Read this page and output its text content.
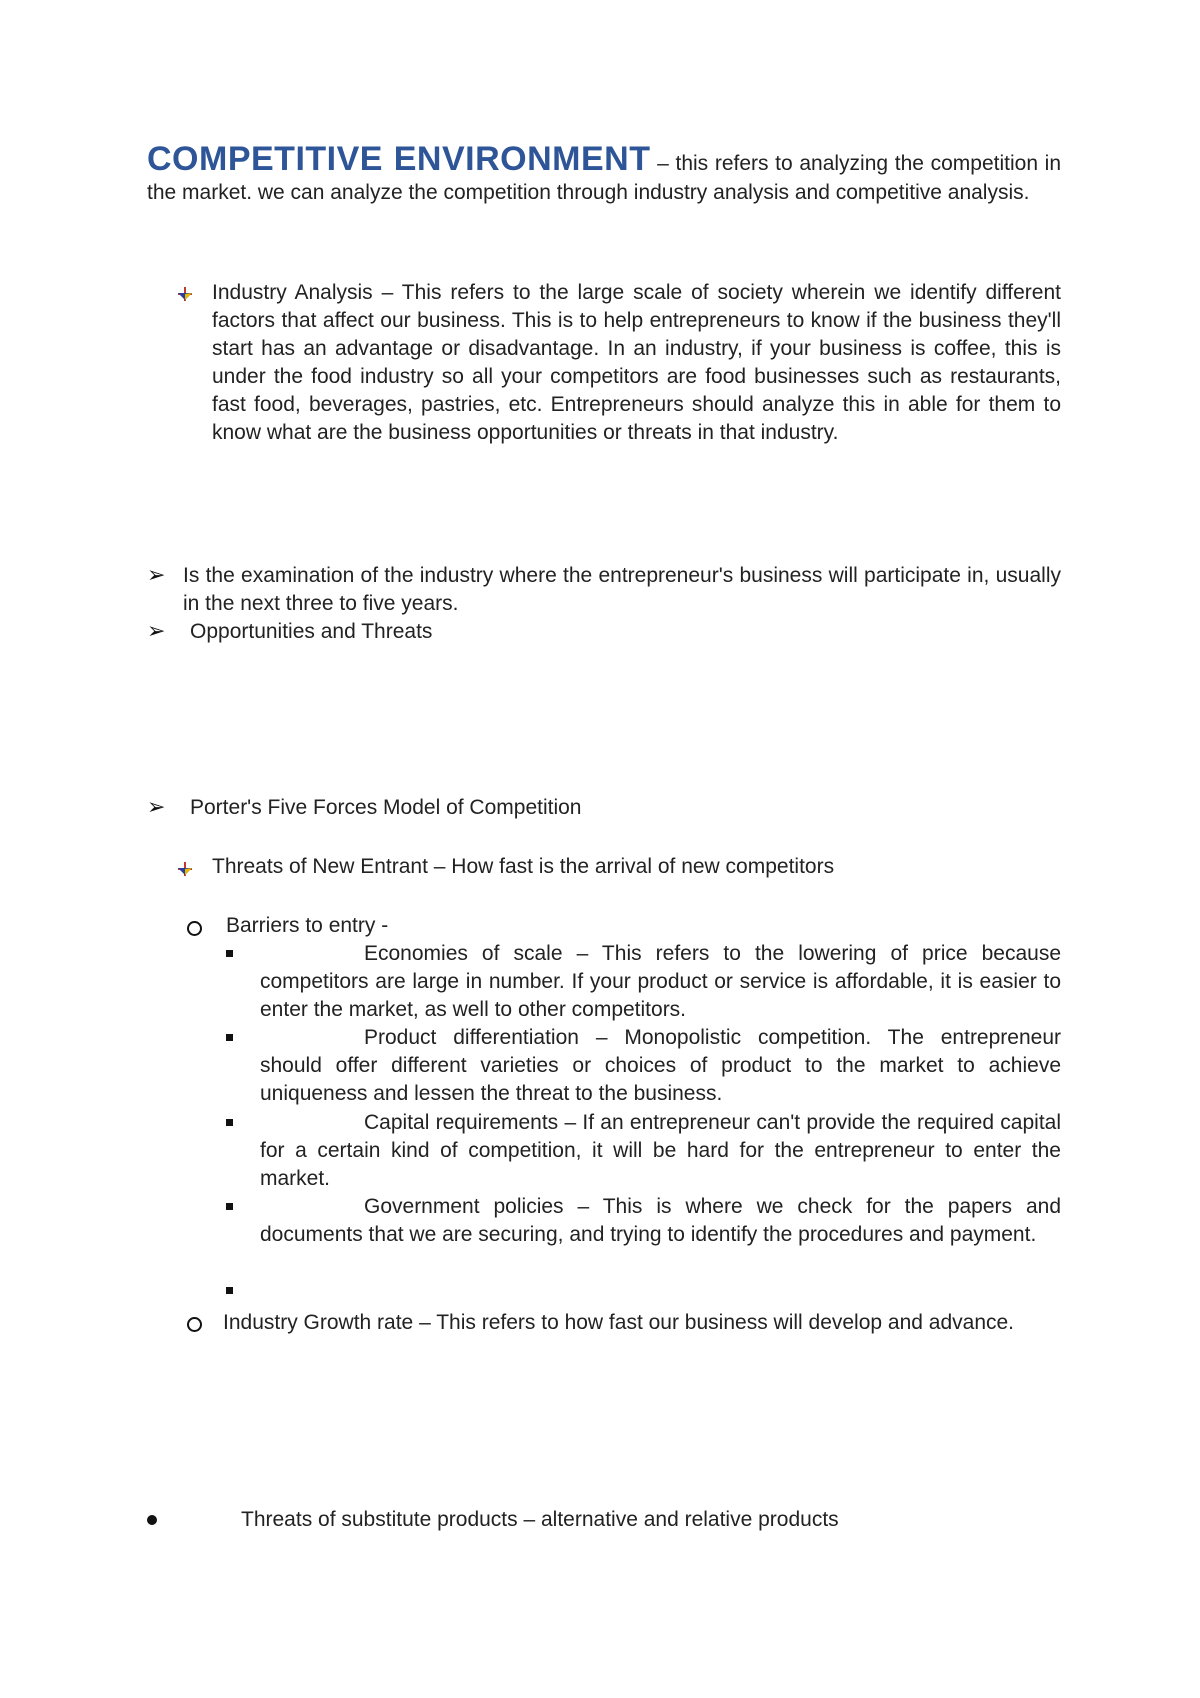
COMPETITIVE ENVIRONMENT – this refers to analyzing the competition in the market. we can analyze the competition through industry analysis and competitive analysis.
Industry Analysis – This refers to the large scale of society wherein we identify different factors that affect our business. This is to help entrepreneurs to know if the business they'll start has an advantage or disadvantage. In an industry, if your business is coffee, this is under the food industry so all your competitors are food businesses such as restaurants, fast food, beverages, pastries, etc. Entrepreneurs should analyze this in able for them to know what are the business opportunities or threats in that industry.
➢ Is the examination of the industry where the entrepreneur's business will participate in, usually in the next three to five years.
➢ Opportunities and Threats
➢ Porter's Five Forces Model of Competition
Threats of New Entrant – How fast is the arrival of new competitors
Barriers to entry -
Economies of scale – This refers to the lowering of price because competitors are large in number. If your product or service is affordable, it is easier to enter the market, as well to other competitors.
Product differentiation – Monopolistic competition. The entrepreneur should offer different varieties or choices of product to the market to achieve uniqueness and lessen the threat to the business.
Capital requirements – If an entrepreneur can't provide the required capital for a certain kind of competition, it will be hard for the entrepreneur to enter the market.
Government policies – This is where we check for the papers and documents that we are securing, and trying to identify the procedures and payment.
Industry Growth rate – This refers to how fast our business will develop and advance.
Threats of substitute products – alternative and relative products
